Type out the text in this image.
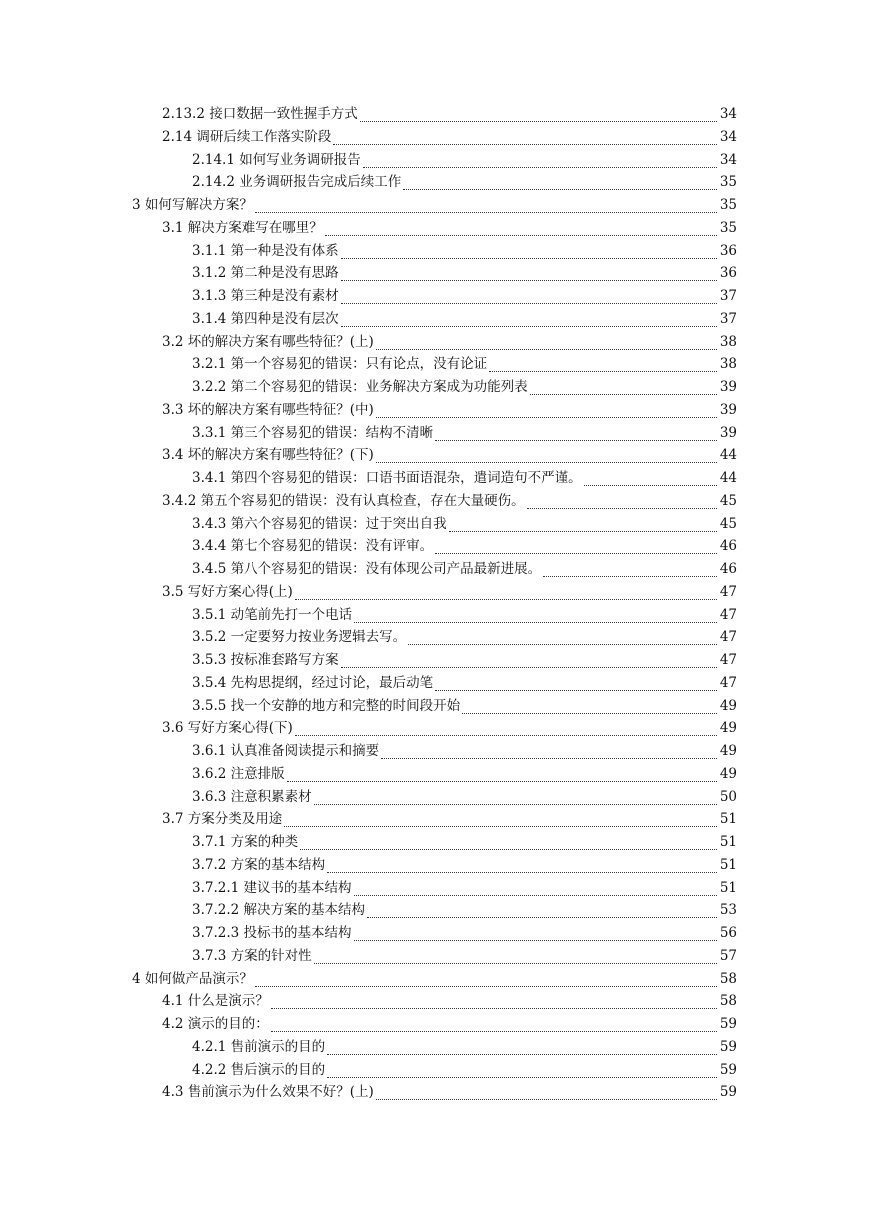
2.13.2 接口数据一致性握手方式	34
2.14 调研后续工作落实阶段	34
2.14.1 如何写业务调研报告	34
2.14.2 业务调研报告完成后续工作	35
3 如何写解决方案？	35
3.1 解决方案难写在哪里？	35
3.1.1 第一种是没有体系	36
3.1.2 第二种是没有思路	36
3.1.3 第三种是没有素材	37
3.1.4 第四种是没有层次	37
3.2 坏的解决方案有哪些特征？(上)	38
3.2.1 第一个容易犯的错误：只有论点，没有论证	38
3.2.2 第二个容易犯的错误：业务解决方案成为功能列表	39
3.3 坏的解决方案有哪些特征？(中)	39
3.3.1 第三个容易犯的错误：结构不清晰	39
3.4 坏的解决方案有哪些特征？(下)	44
3.4.1 第四个容易犯的错误：口语书面语混杂，遣词造句不严谨。	44
3.4.2 第五个容易犯的错误：没有认真检查，存在大量硬伤。	45
3.4.3 第六个容易犯的错误：过于突出自我	45
3.4.4 第七个容易犯的错误：没有评审。	46
3.4.5 第八个容易犯的错误：没有体现公司产品最新进展。	46
3.5 写好方案心得(上)	47
3.5.1 动笔前先打一个电话	47
3.5.2 一定要努力按业务逻辑去写。	47
3.5.3 按标准套路写方案	47
3.5.4 先构思提纲，经过讨论，最后动笔	47
3.5.5 找一个安静的地方和完整的时间段开始	49
3.6 写好方案心得(下)	49
3.6.1 认真准备阅读提示和摘要	49
3.6.2 注意排版	49
3.6.3 注意积累素材	50
3.7 方案分类及用途	51
3.7.1 方案的种类	51
3.7.2 方案的基本结构	51
3.7.2.1 建议书的基本结构	51
3.7.2.2 解决方案的基本结构	53
3.7.2.3 投标书的基本结构	56
3.7.3 方案的针对性	57
4 如何做产品演示？	58
4.1 什么是演示？	58
4.2 演示的目的：	59
4.2.1 售前演示的目的	59
4.2.2 售后演示的目的	59
4.3 售前演示为什么效果不好？(上)	59
